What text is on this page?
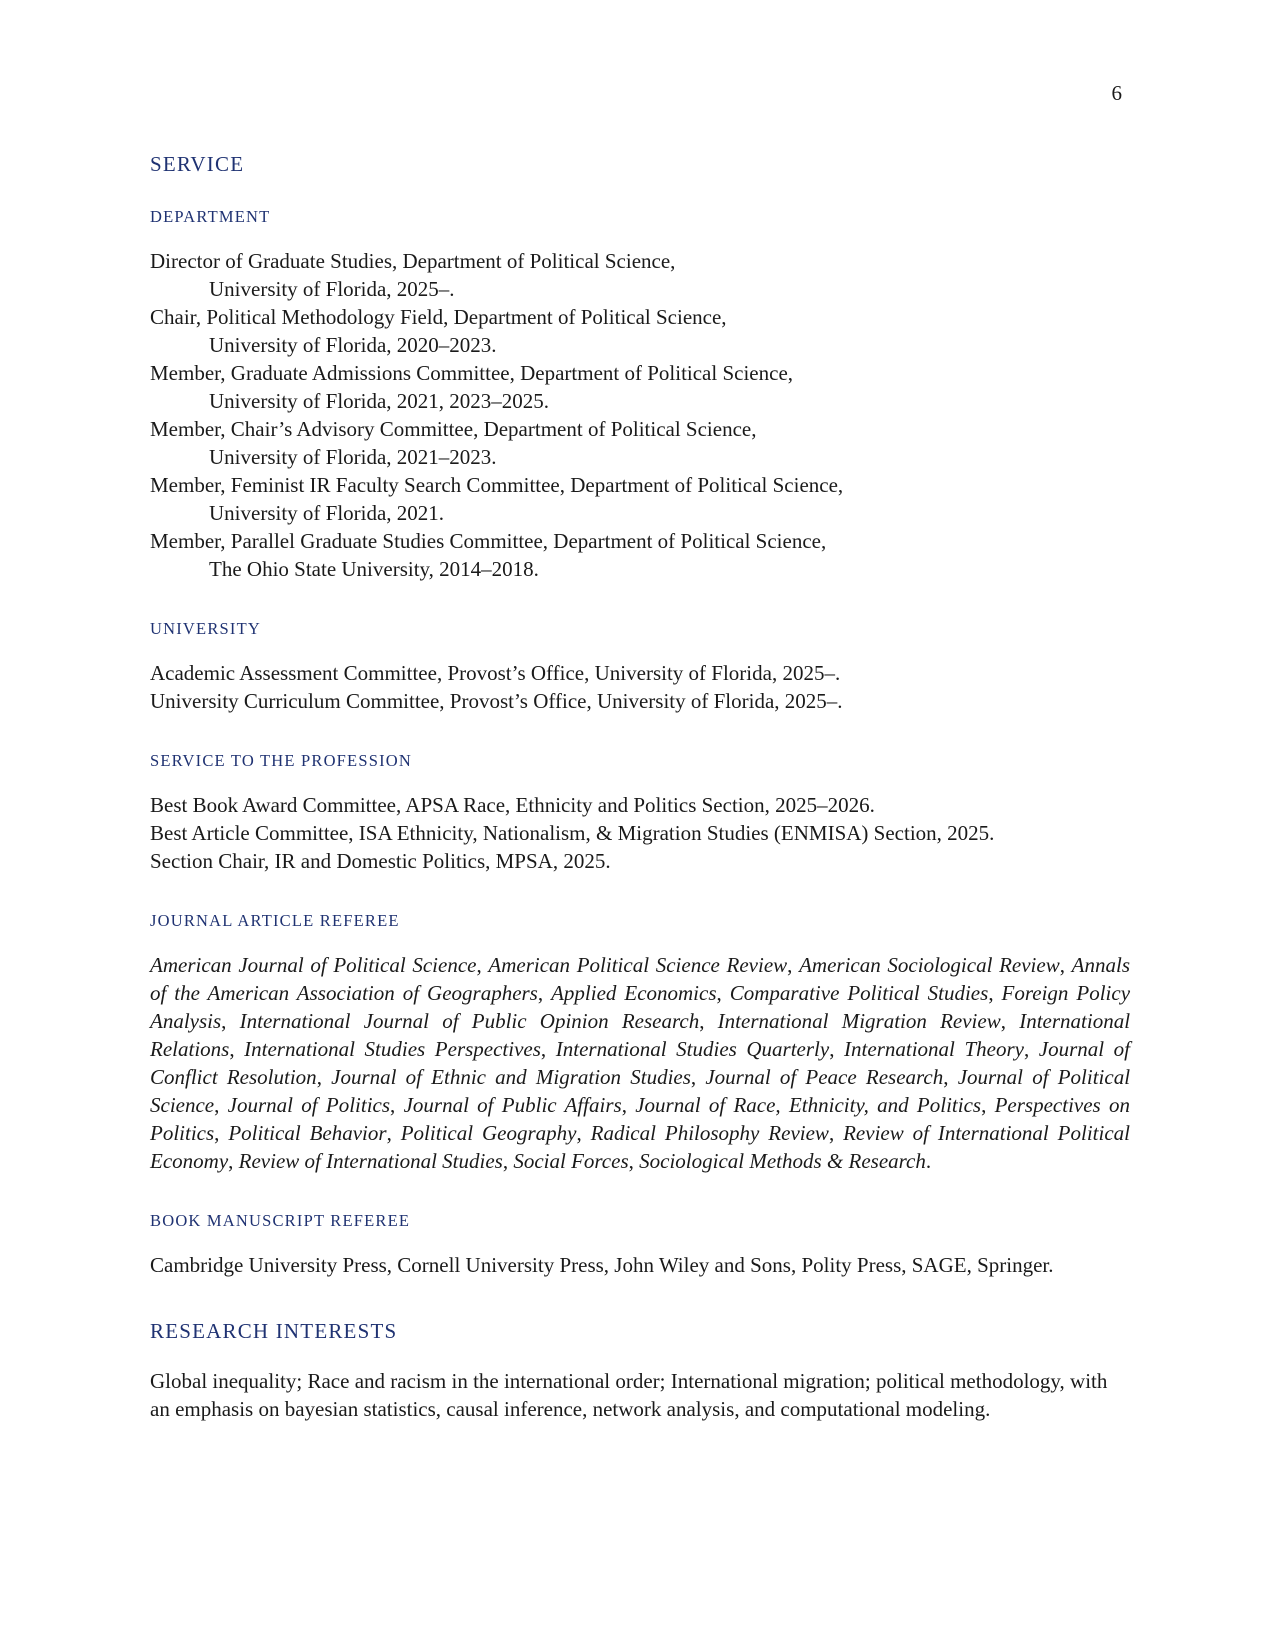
6
SERVICE
DEPARTMENT
Director of Graduate Studies, Department of Political Science,
University of Florida, 2025–.
Chair, Political Methodology Field, Department of Political Science,
University of Florida, 2020–2023.
Member, Graduate Admissions Committee, Department of Political Science,
University of Florida, 2021, 2023–2025.
Member, Chair’s Advisory Committee, Department of Political Science,
University of Florida, 2021–2023.
Member, Feminist IR Faculty Search Committee, Department of Political Science,
University of Florida, 2021.
Member, Parallel Graduate Studies Committee, Department of Political Science,
The Ohio State University, 2014–2018.
UNIVERSITY
Academic Assessment Committee, Provost’s Office, University of Florida, 2025–.
University Curriculum Committee, Provost’s Office, University of Florida, 2025–.
SERVICE TO THE PROFESSION
Best Book Award Committee, APSA Race, Ethnicity and Politics Section, 2025–2026.
Best Article Committee, ISA Ethnicity, Nationalism, & Migration Studies (ENMISA) Section, 2025.
Section Chair, IR and Domestic Politics, MPSA, 2025.
JOURNAL ARTICLE REFEREE

American Journal of Political Science, American Political Science Review, American Sociological Review, Annals of the American Association of Geographers, Applied Economics, Comparative Political Studies, Foreign Policy Analysis, International Journal of Public Opinion Research, International Migration Review, International Relations, International Studies Perspectives, International Studies Quarterly, International Theory, Journal of Conflict Resolution, Journal of Ethnic and Migration Studies, Journal of Peace Research, Journal of Political Science, Journal of Politics, Journal of Public Affairs, Journal of Race, Ethnicity, and Politics, Perspectives on Politics, Political Behavior, Political Geography, Radical Philosophy Review, Review of International Political Economy, Review of International Studies, Social Forces, Sociological Methods & Research.

BOOK MANUSCRIPT REFEREE

Cambridge University Press, Cornell University Press, John Wiley and Sons, Polity Press, SAGE, Springer.

RESEARCH INTERESTS

Global inequality; Race and racism in the international order; International migration; political methodology, with an emphasis on bayesian statistics, causal inference, network analysis, and computational modeling.
